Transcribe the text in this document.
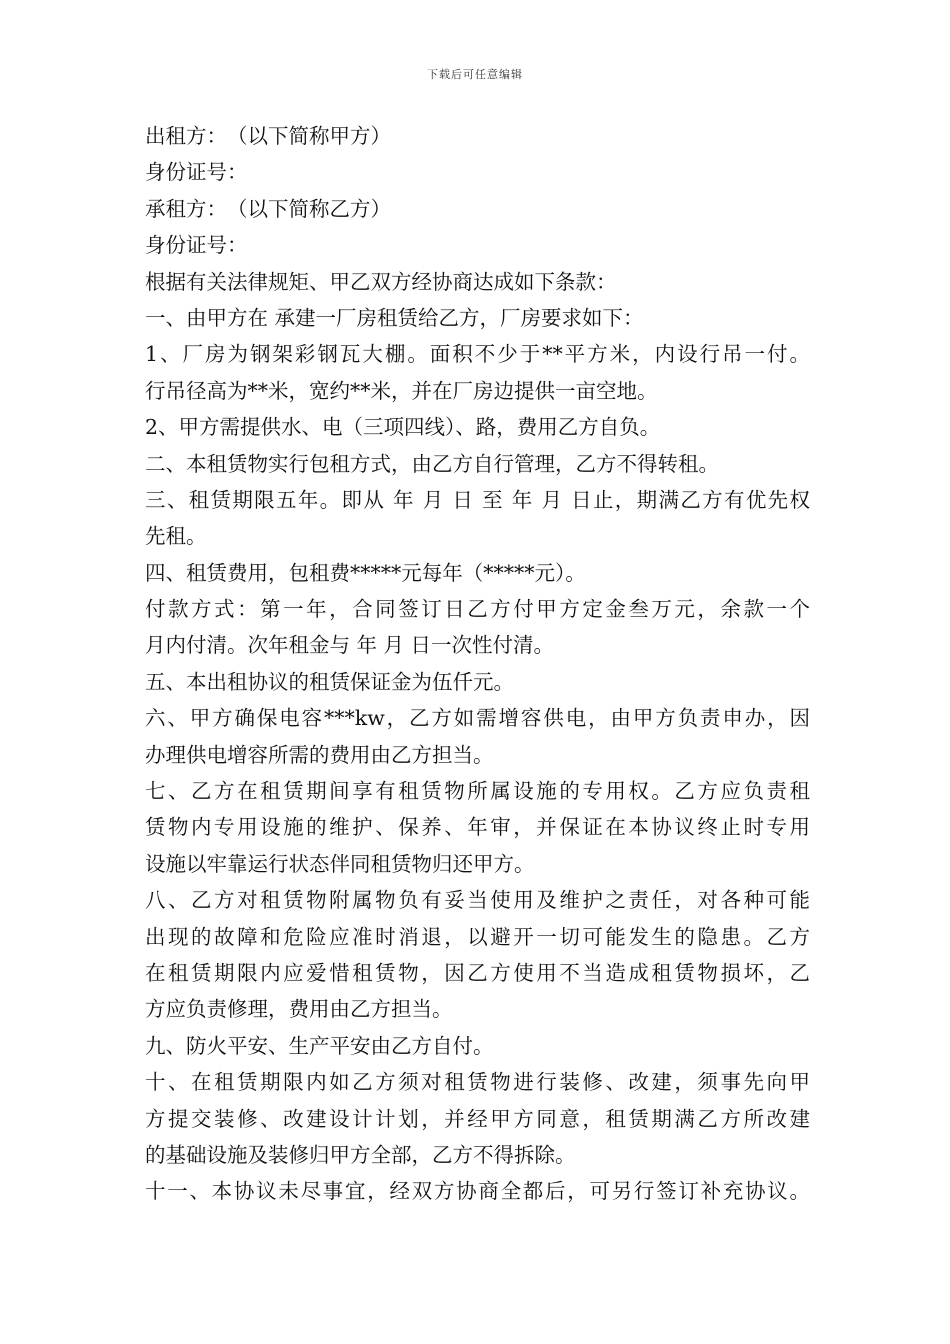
下载后可任意编辑
出租方：　（以下简称甲方）
身份证号：
承租方：　（以下简称乙方）
身份证号：
根据有关法律规矩、甲乙双方经协商达成如下条款：
一、由甲方在 承建一厂房租赁给乙方，厂房要求如下：
1、厂房为钢架彩钢瓦大棚。面积不少于**平方米，内设行吊一付。
行吊径高为**米，宽约**米，并在厂房边提供一亩空地。
2、甲方需提供水、电（三项四线）、路，费用乙方自负。
二、本租赁物实行包租方式，由乙方自行管理，乙方不得转租。
三、租赁期限五年。即从 年 月 日 至 年 月 日止，期满乙方有优先权
先租。
四、租赁费用，包租费*****元每年（*****元）。
付款方式：第一年，合同签订日乙方付甲方定金叁万元，余款一个
月内付清。次年租金与 年 月 日一次性付清。
五、本出租协议的租赁保证金为伍仟元。
六、甲方确保电容***kw，乙方如需增容供电，由甲方负责申办，因
办理供电增容所需的费用由乙方担当。
七、乙方在租赁期间享有租赁物所属设施的专用权。乙方应负责租
赁物内专用设施的维护、保养、年审，并保证在本协议终止时专用
设施以牢靠运行状态伴同租赁物归还甲方。
八、乙方对租赁物附属物负有妥当使用及维护之责任，对各种可能
出现的故障和危险应准时消退，以避开一切可能发生的隐患。乙方
在租赁期限内应爱惜租赁物，因乙方使用不当造成租赁物损坏，乙
方应负责修理，费用由乙方担当。
九、防火平安、生产平安由乙方自付。
十、在租赁期限内如乙方须对租赁物进行装修、改建，须事先向甲
方提交装修、改建设计计划，并经甲方同意，租赁期满乙方所改建
的基础设施及装修归甲方全部，乙方不得拆除。
十一、本协议未尽事宜，经双方协商全都后，可另行签订补充协议。
